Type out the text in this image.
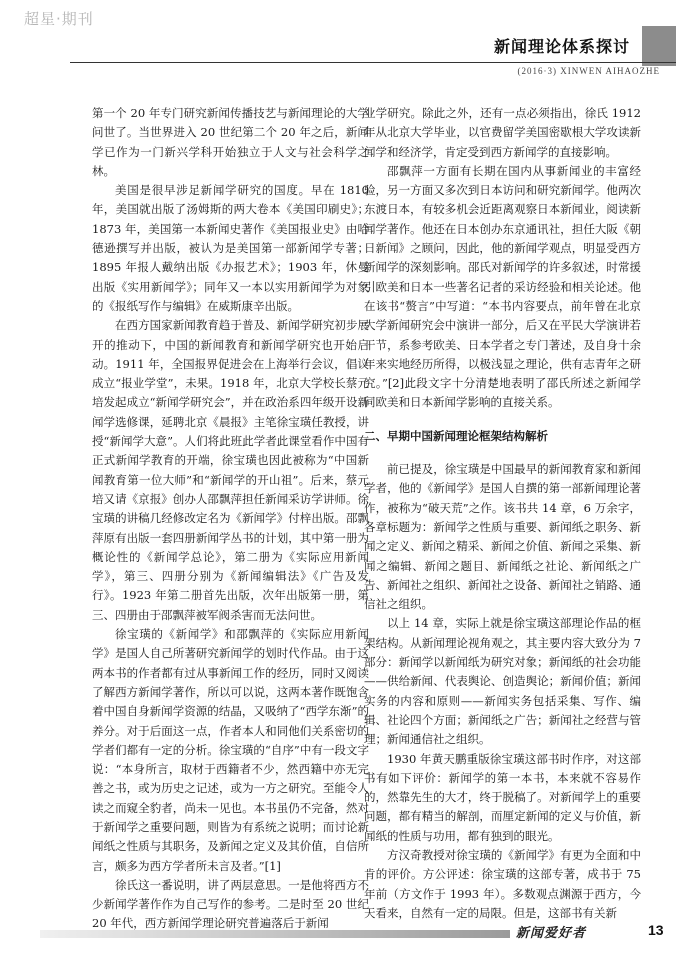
超星·期刊
新闻理论体系探讨
(2016·3) XINWEN AIHAOZHE

第一个 20 年专门研究新闻传播技艺与新闻理论的大学问世了。当世界进入 20 世纪第二个 20 年之后，新闻学已作为一门新兴学科开始独立于人文与社会科学之林。

美国是很早涉足新闻学研究的国度。早在 1810 年，美国就出版了汤姆斯的两大卷本《美国印刷史》；1873 年，美国第一本新闻史著作《美国报业史》由哈德逊撰写并出版，被认为是美国第一部新闻学专著；1895 年报人戴纳出版《办报艺术》；1903 年，休曼出版《实用新闻学》；同年又一本以实用新闻学为对象的《报纸写作与编辑》在威斯康辛出版。

在西方国家新闻教育趋于普及、新闻学研究初步展开的推动下，中国的新闻教育和新闻学研究也开始启动。1911 年，全国报界促进会在上海举行会议，倡议成立“报业学堂”，未果。1918 年，北京大学校长蔡元培发起成立“新闻学研究会”，并在政治系四年级开设新闻学选修课，延聘北京《晨报》主笔徐宝璜任教授，讲授“新闻学大意”。人们将此班此学者此课堂看作中国有正式新闻学教育的开端，徐宝璜也因此被称为“中国新闻教育第一位大师”和“新闻学的开山祖”。后来，蔡元培又请《京报》创办人邵飘萍担任新闻采访学讲师。徐宝璜的讲稿几经修改定名为《新闻学》付梓出版。邵飘萍原有出版一套四册新闻学丛书的计划，其中第一册为概论性的《新闻学总论》，第二册为《实际应用新闻学》，第三、四册分别为《新闻编辑法》《广告及发行》。1923 年第二册首先出版，次年出版第一册，第三、四册由于邵飘萍被军阀杀害而无法问世。

徐宝璜的《新闻学》和邵飘萍的《实际应用新闻学》是国人自己所著研究新闻学的划时代作品。由于这两本书的作者都有过从事新闻工作的经历，同时又阅读了解西方新闻学著作，所以可以说，这两本著作既饱含着中国自身新闻学资源的结晶，又吸纳了“西学东渐”的养分。对于后面这一点，作者本人和同他们关系密切的学者们都有一定的分析。徐宝璜的“自序”中有一段文字说：“本身所言，取材于西籍者不少，然西籍中亦无完善之书，或为历史之记述，或为一方之研究。至能令人读之而窥全豹者，尚未一见也。本书虽仍不完备，然对于新闻学之重要问题，则皆为有系统之说明；而讨论新闻纸之性质与其职务，及新闻之定义及其价值，自信所言，颇多为西方学者所未言及者。”[1]

徐氏这一番说明，讲了两层意思。一是他将西方不少新闻学著作作为自己写作的参考。二是时至 20 世纪 20 年代，西方新闻学理论研究普遍落后于新闻

业学研究。除此之外，还有一点必须指出，徐氏 1912 年从北京大学毕业，以官费留学美国密歇根大学攻读新闻学和经济学，肯定受到西方新闻学的直接影响。

邵飘萍一方面有长期在国内从事新闻业的丰富经验，另一方面又多次到日本访问和研究新闻学。他两次东渡日本，有较多机会近距离观察日本新闻业，阅读新闻学著作。他还在日本创办东京通讯社，担任大阪《朝日新闻》之顾问，因此，他的新闻学观点，明显受西方新闻学的深刻影响。邵氏对新闻学的许多叙述，时常援引欧美和日本一些著名记者的采访经验和相关论述。他在该书“赘言”中写道：“本书内容要点，前年曾在北京大学新闻研究会中演讲一部分，后又在平民大学演讲若干节，系参考欧美、日本学者之专门著述，及自身十余年来实地经历所得，以极浅显之理论，供有志青年之研究。”[2]此段文字十分清楚地表明了邵氏所述之新闻学同欧美和日本新闻学影响的直接关系。

二、早期中国新闻理论框架结构解析

前已提及，徐宝璜是中国最早的新闻教育家和新闻学者，他的《新闻学》是国人自撰的第一部新闻理论著作，被称为“破天荒”之作。该书共 14 章，6 万余字，各章标题为：新闻学之性质与重要、新闻纸之职务、新闻之定义、新闻之精采、新闻之价值、新闻之采集、新闻之编辑、新闻之题目、新闻纸之社论、新闻纸之广告、新闻社之组织、新闻社之设备、新闻社之销路、通信社之组织。

以上 14 章，实际上就是徐宝璜这部理论作品的框架结构。从新闻理论视角观之，其主要内容大致分为 7 部分：新闻学以新闻纸为研究对象；新闻纸的社会功能——供给新闻、代表舆论、创造舆论；新闻价值；新闻实务的内容和原则——新闻实务包括采集、写作、编辑、社论四个方面；新闻纸之广告；新闻社之经营与管理；新闻通信社之组织。

1930 年黄天鹏重版徐宝璜这部书时作序，对这部书有如下评价：新闻学的第一本书，本来就不容易作的，然靠先生的大才，终于脱稿了。对新闻学上的重要问题，都有精当的解剖，而厘定新闻的定义与价值，新闻纸的性质与功用，都有独到的眼光。

方汉奇教授对徐宝璜的《新闻学》有更为全面和中肯的评价。方公评述：徐宝璜的这部专著，成书于 75 年前（方文作于 1993 年）。多数观点渊源于西方，今天看来，自然有一定的局限。但是，这部书有关新

新闻爱好者	13
